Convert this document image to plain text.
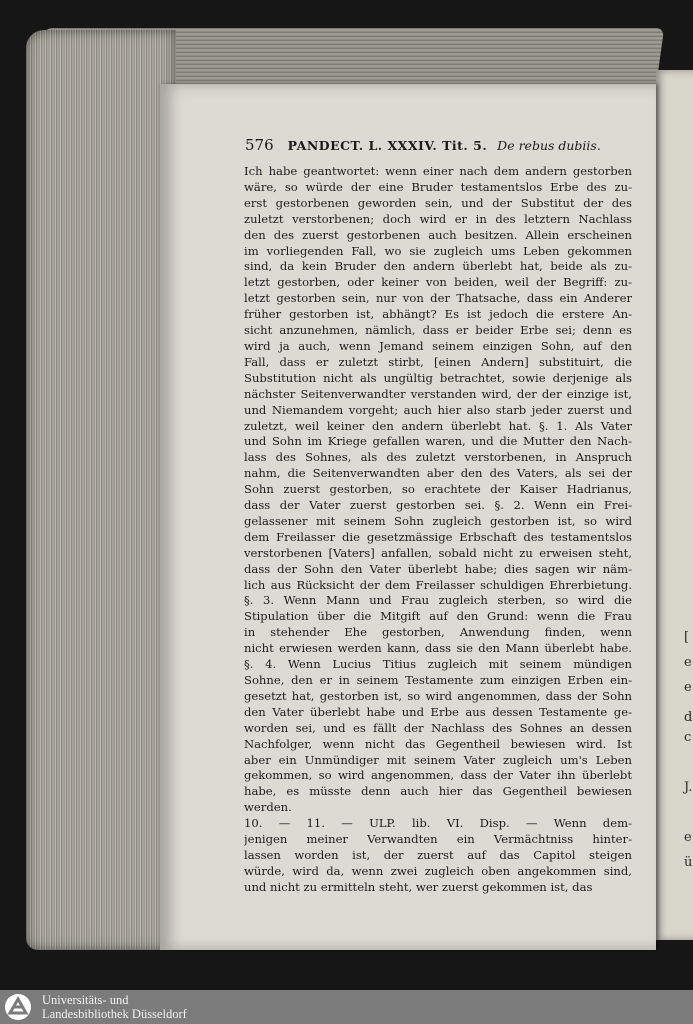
[
e
e
d
c
J.
e
ü
576 PANDECT. L. XXXIV. Tit. 5. De rebus dubiis.
Ich habe geantwortet: wenn einer nach dem andern gestorben
wäre, so würde der eine Bruder testamentslos Erbe des zu-
erst gestorbenen geworden sein, und der Substitut der des
zuletzt verstorbenen; doch wird er in des letztern Nachlass
den des zuerst gestorbenen auch besitzen. Allein erscheinen
im vorliegenden Fall, wo sie zugleich ums Leben gekommen
sind, da kein Bruder den andern überlebt hat, beide als zu-
letzt gestorben, oder keiner von beiden, weil der Begriff: zu-
letzt gestorben sein, nur von der Thatsache, dass ein Anderer
früher gestorben ist, abhängt? Es ist jedoch die erstere An-
sicht anzunehmen, nämlich, dass er beider Erbe sei; denn es
wird ja auch, wenn Jemand seinem einzigen Sohn, auf den
Fall, dass er zuletzt stirbt, [einen Andern] substituirt, die
Substitution nicht als ungültig betrachtet, sowie derjenige als
nächster Seitenverwandter verstanden wird, der der einzige ist,
und Niemandem vorgeht; auch hier also starb jeder zuerst und
zuletzt, weil keiner den andern überlebt hat. §. 1. Als Vater
und Sohn im Kriege gefallen waren, und die Mutter den Nach-
lass des Sohnes, als des zuletzt verstorbenen, in Anspruch
nahm, die Seitenverwandten aber den des Vaters, als sei der
Sohn zuerst gestorben, so erachtete der Kaiser Hadrianus,
dass der Vater zuerst gestorben sei. §. 2. Wenn ein Frei-
gelassener mit seinem Sohn zugleich gestorben ist, so wird
dem Freilasser die gesetzmässige Erbschaft des testamentslos
verstorbenen [Vaters] anfallen, sobald nicht zu erweisen steht,
dass der Sohn den Vater überlebt habe; dies sagen wir näm-
lich aus Rücksicht der dem Freilasser schuldigen Ehrerbietung.
§. 3. Wenn Mann und Frau zugleich sterben, so wird die
Stipulation über die Mitgift auf den Grund: wenn die Frau
in stehender Ehe gestorben, Anwendung finden, wenn
nicht erwiesen werden kann, dass sie den Mann überlebt habe.
§. 4. Wenn Lucius Titius zugleich mit seinem mündigen
Sohne, den er in seinem Testamente zum einzigen Erben ein-
gesetzt hat, gestorben ist, so wird angenommen, dass der Sohn
den Vater überlebt habe und Erbe aus dessen Testamente ge-
worden sei, und es fällt der Nachlass des Sohnes an dessen
Nachfolger, wenn nicht das Gegentheil bewiesen wird. Ist
aber ein Unmündiger mit seinem Vater zugleich um's Leben
gekommen, so wird angenommen, dass der Vater ihn überlebt
habe, es müsste denn auch hier das Gegentheil bewiesen
werden.
10. — 11. — ULP. lib. VI. Disp. — Wenn dem-
jenigen meiner Verwandten ein Vermächtniss hinter-
lassen worden ist, der zuerst auf das Capitol steigen
würde, wird da, wenn zwei zugleich oben angekommen sind,
und nicht zu ermitteln steht, wer zuerst gekommen ist, das
Universitäts- und
Landesbibliothek Düsseldorf
